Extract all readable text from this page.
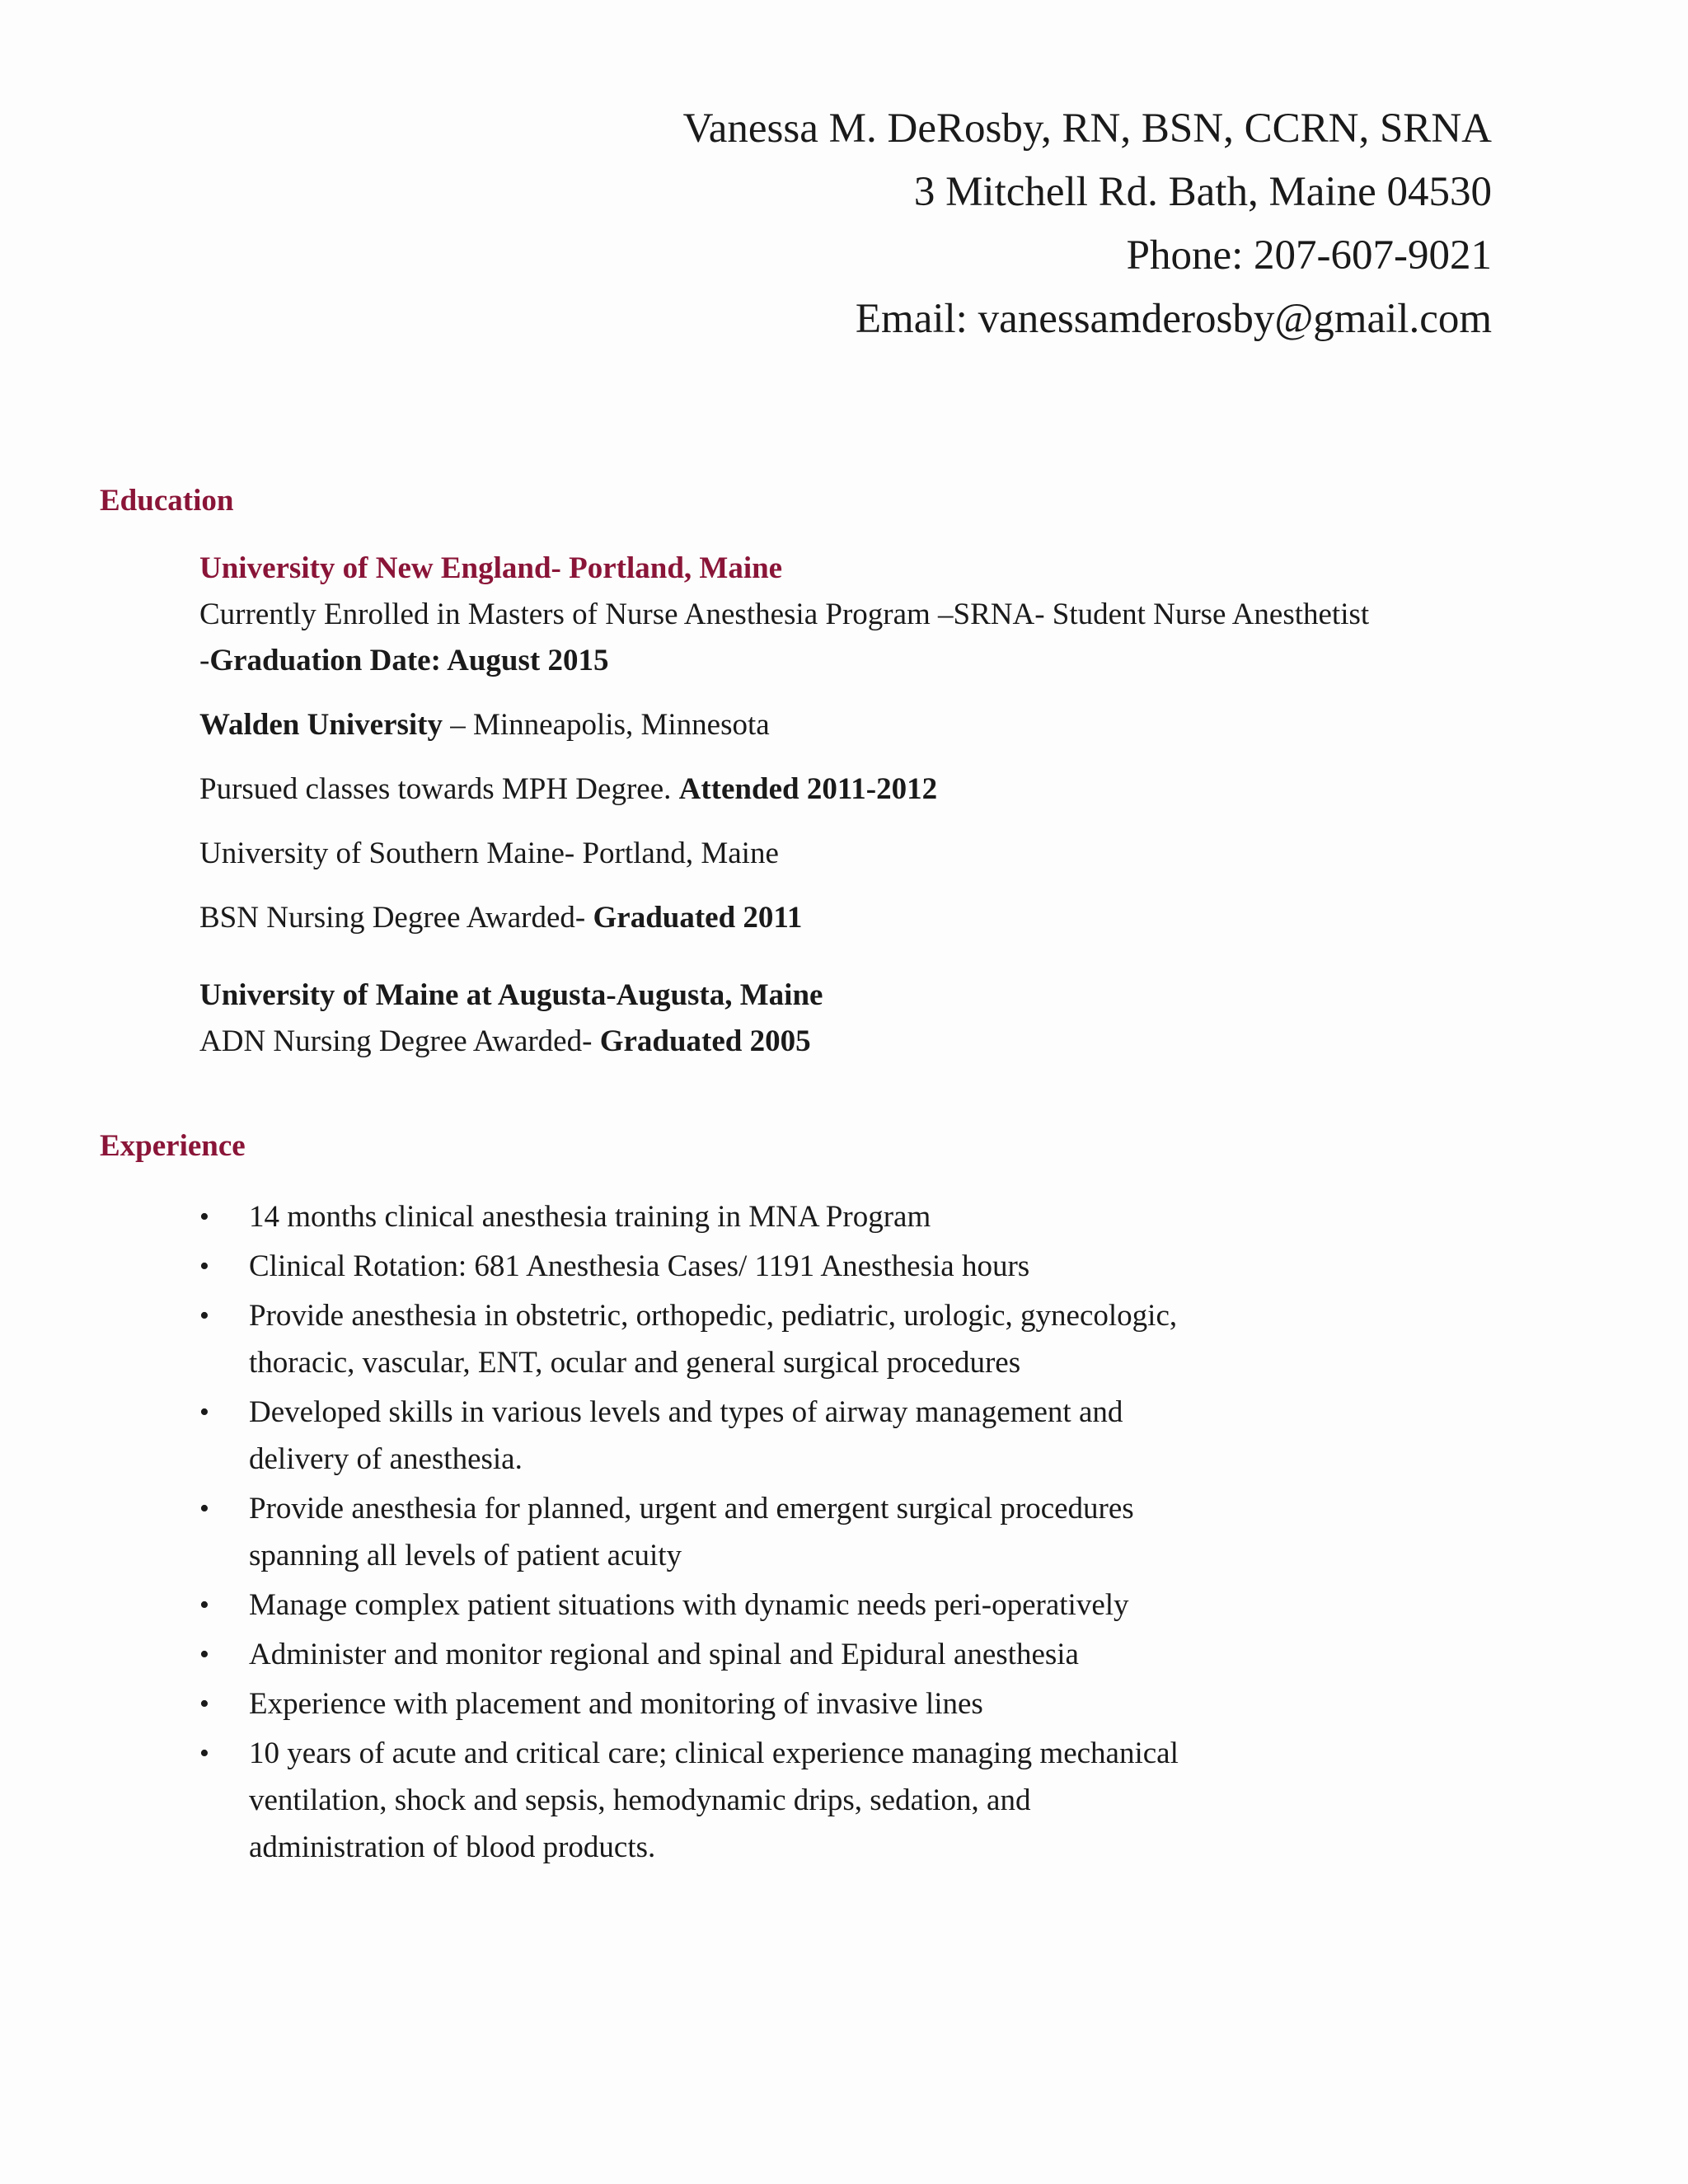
Vanessa M. DeRosby, RN, BSN, CCRN, SRNA
3 Mitchell Rd. Bath, Maine 04530
Phone: 207-607-9021
Email: vanessamderosby@gmail.com
Education
University of New England- Portland, Maine
Currently Enrolled in Masters of Nurse Anesthesia Program –SRNA- Student Nurse Anesthetist
-Graduation Date: August 2015
Walden University – Minneapolis, Minnesota
Pursued classes towards MPH Degree. Attended 2011-2012
University of Southern Maine- Portland, Maine
BSN Nursing Degree Awarded- Graduated 2011
University of Maine at Augusta-Augusta, Maine
ADN Nursing Degree Awarded- Graduated 2005
Experience
• 14 months clinical anesthesia training in MNA Program
• Clinical Rotation: 681 Anesthesia Cases/ 1191 Anesthesia hours
• Provide anesthesia in obstetric, orthopedic, pediatric, urologic, gynecologic, thoracic, vascular, ENT, ocular and general surgical procedures
• Developed skills in various levels and types of airway management and delivery of anesthesia.
• Provide anesthesia for planned, urgent and emergent surgical procedures spanning all levels of patient acuity
• Manage complex patient situations with dynamic needs peri-operatively
• Administer and monitor regional and spinal and Epidural anesthesia
• Experience with placement and monitoring of invasive lines
• 10 years of acute and critical care; clinical experience managing mechanical ventilation, shock and sepsis, hemodynamic drips, sedation, and administration of blood products.
